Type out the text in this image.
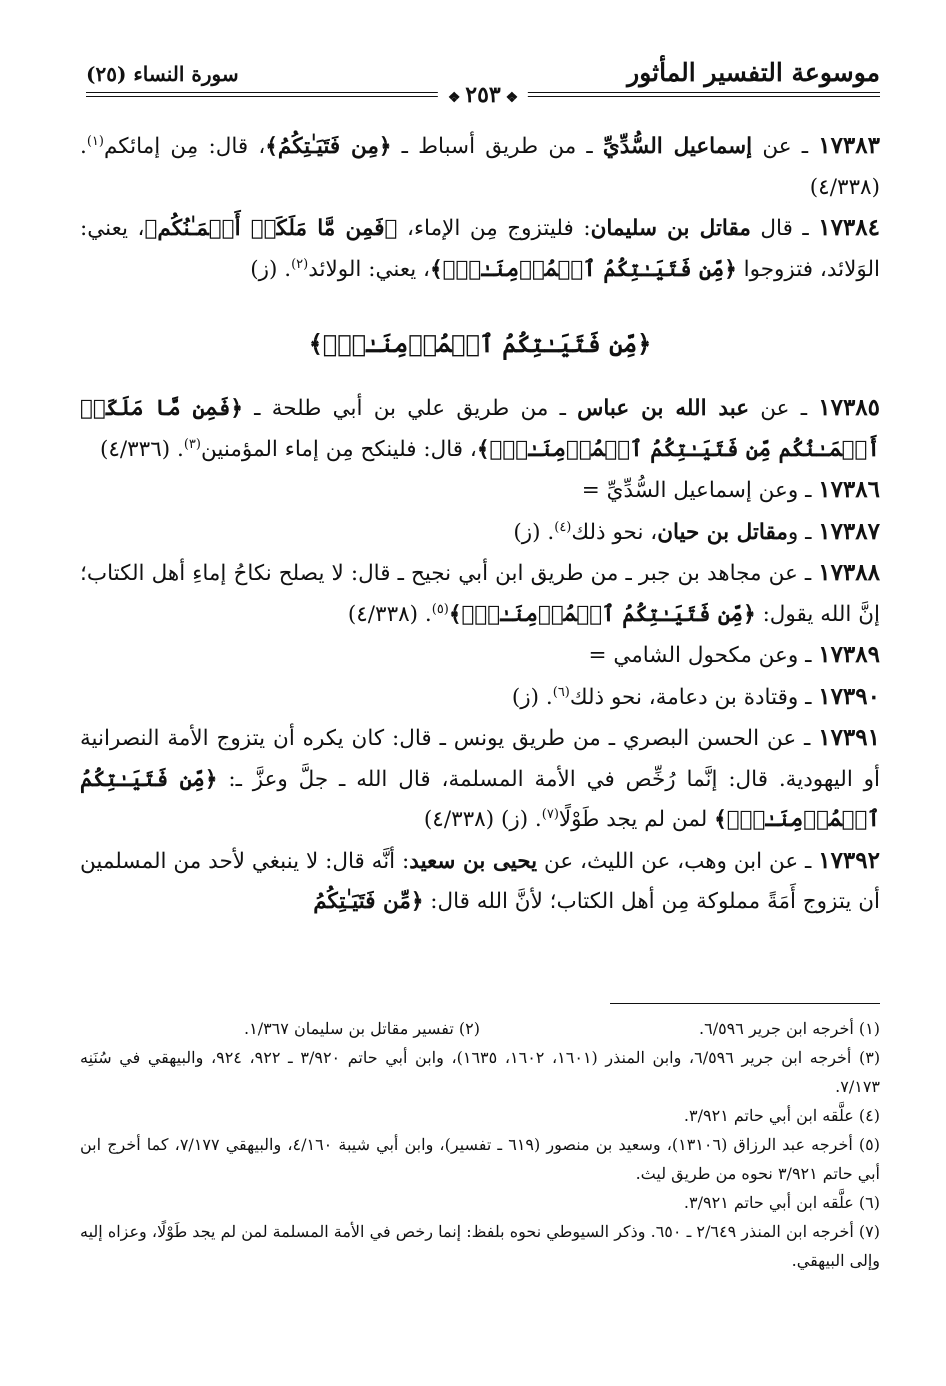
موسوعة التفسير المأثور
سورة النساء (٢٥)
❖ ٢٥٣ ❖

١٧٣٨٣ ـ عن إسماعيل السُّدِّيِّ ـ من طريق أسباط ـ ﴿مِن فَتَيَـٰتِكُمُ﴾، قال: مِن إمائكم$^{(١)}$. (٤/٣٣٨)

١٧٣٨٤ ـ قال مقاتل بن سليمان: فليتزوج مِن الإماء، ﴿فَمِن مَّا مَلَكَتۡ أَيۡمَـٰنُكُم﴾، يعني: الوَلائد، فتزوجوا ﴿مِّن فَتَيَـٰتِكُمُ ٱلۡمُؤۡمِنَـٰتِۚ﴾، يعني: الولائد$^{(٢)}$. (ز)

﴿مِّن فَتَيَـٰتِكُمُ ٱلۡمُؤۡمِنَـٰتِۚ﴾

١٧٣٨٥ ـ عن عبد الله بن عباس ـ من طريق علي بن أبي طلحة ـ ﴿فَمِن مَّا مَلَكَتۡ أَيۡمَـٰنُكُم مِّن فَتَيَـٰتِكُمُ ٱلۡمُؤۡمِنَـٰتِۚ﴾، قال: فلينكح مِن إماء المؤمنين$^{(٣)}$. (٤/٣٣٦)

١٧٣٨٦ ـ وعن إسماعيل السُّدِّيِّ =

١٧٣٨٧ ـ ومقاتل بن حيان، نحو ذلك$^{(٤)}$. (ز)

١٧٣٨٨ ـ عن مجاهد بن جبر ـ من طريق ابن أبي نجيح ـ قال: لا يصلح نكاحُ إماءِ أهل الكتاب؛ إنَّ الله يقول: ﴿مِّن فَتَيَـٰتِكُمُ ٱلۡمُؤۡمِنَـٰتِۚ﴾$^{(٥)}$. (٤/٣٣٨)

١٧٣٨٩ ـ وعن مكحول الشامي =

١٧٣٩٠ ـ وقتادة بن دعامة، نحو ذلك$^{(٦)}$. (ز)

١٧٣٩١ ـ عن الحسن البصري ـ من طريق يونس ـ قال: كان يكره أن يتزوج الأمة النصرانية أو اليهودية. قال: إنَّما رُخِّص في الأمة المسلمة، قال الله ـ جلَّ وعزَّ ـ: ﴿مِّن فَتَيَـٰتِكُمُ ٱلۡمُؤۡمِنَـٰتِۚ﴾ لمن لم يجد طَوْلًا$^{(٧)}$. (ز) (٤/٣٣٨)

١٧٣٩٢ ـ عن ابن وهب، عن الليث، عن يحيى بن سعيد: أنَّه قال: لا ينبغي لأحد من المسلمين أن يتزوج أَمَةً مملوكة مِن أهل الكتاب؛ لأنَّ الله قال: ﴿مِّن فَتَيَـٰتِكُمُ

(١) أخرجه ابن جرير ٦/٥٩٦.
(٢) تفسير مقاتل بن سليمان ١/٣٦٧.

(٣) أخرجه ابن جرير ٦/٥٩٦، وابن المنذر (١٦٠١، ١٦٠٢، ١٦٣٥)، وابن أبي حاتم ٣/٩٢٠ ـ ٩٢٢، ٩٢٤، والبيهقي في سُنَنِه ٧/١٧٣.

(٤) علَّقه ابن أبي حاتم ٣/٩٢١.

(٥) أخرجه عبد الرزاق (١٣١٠٦)، وسعيد بن منصور (٦١٩ ـ تفسير)، وابن أبي شيبة ٤/١٦٠، والبيهقي ٧/١٧٧، كما أخرج ابن أبي حاتم ٣/٩٢١ نحوه من طريق ليث.

(٦) علَّقه ابن أبي حاتم ٣/٩٢١.

(٧) أخرجه ابن المنذر ٢/٦٤٩ ـ ٦٥٠. وذكر السيوطي نحوه بلفظ: إنما رخص في الأمة المسلمة لمن لم يجد طَوْلًا، وعزاه إليه وإلى البيهقي.
